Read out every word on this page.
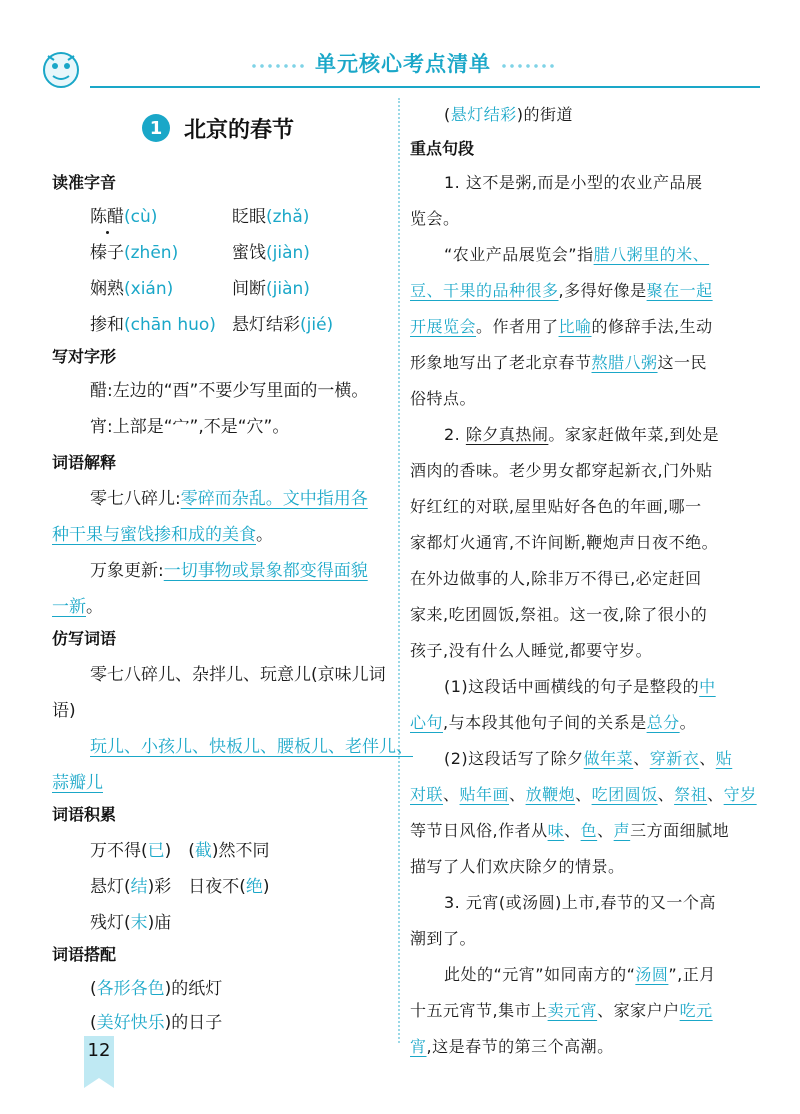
单元核心考点清单
1 北京的春节
读准字音
陈醋(cù)	眨眼(zhǎ)
榛子(zhēn)	蜜饯(jiàn)
娴熟(xián)	间断(jiàn)
掺和(chān huo) 悬灯结彩(jié)
写对字形
醋:左边的“酉”不要少写里面的一横。
宵:上部是“宀”,不是“穴”。
词语解释
零七八碎儿:零碎而杂乱。文中指用各
种干果与蜜饯掺和成的美食。
万象更新:一切事物或景象都变得面貌
一新。
仿写词语
零七八碎儿、杂拌儿、玩意儿(京味儿词
语)
玩儿、小孩儿、快板儿、腰板儿、老伴儿、
蒜瓣儿
词语积累
万不得(已)　(截)然不同
悬灯(结)彩　日夜不(绝)
残灯(末)庙
词语搭配
(各形各色)的纸灯
(美好快乐)的日子
(悬灯结彩)的街道
重点句段
1. 这不是粥,而是小型的农业产品展
览会。
“农业产品展览会”指腊八粥里的米、
豆、干果的品种很多,多得好像是聚在一起
开展览会。作者用了比喻的修辞手法,生动
形象地写出了老北京春节熬腊八粥这一民
俗特点。
2. 除夕真热闹。家家赶做年菜,到处是
酒肉的香味。老少男女都穿起新衣,门外贴
好红红的对联,屋里贴好各色的年画,哪一
家都灯火通宵,不许间断,鞭炮声日夜不绝。
在外边做事的人,除非万不得已,必定赶回
家来,吃团圆饭,祭祖。这一夜,除了很小的
孩子,没有什么人睡觉,都要守岁。
(1)这段话中画横线的句子是整段的中
心句,与本段其他句子间的关系是总分。
(2)这段话写了除夕做年菜、穿新衣、贴
对联、贴年画、放鞭炮、吃团圆饭、祭祖、守岁
等节日风俗,作者从味、色、声三方面细腻地
描写了人们欢庆除夕的情景。
3. 元宵(或汤圆)上市,春节的又一个高
潮到了。
此处的“元宵”如同南方的“汤圆”,正月
十五元宵节,集市上卖元宵、家家户户吃元
宵,这是春节的第三个高潮。
12
